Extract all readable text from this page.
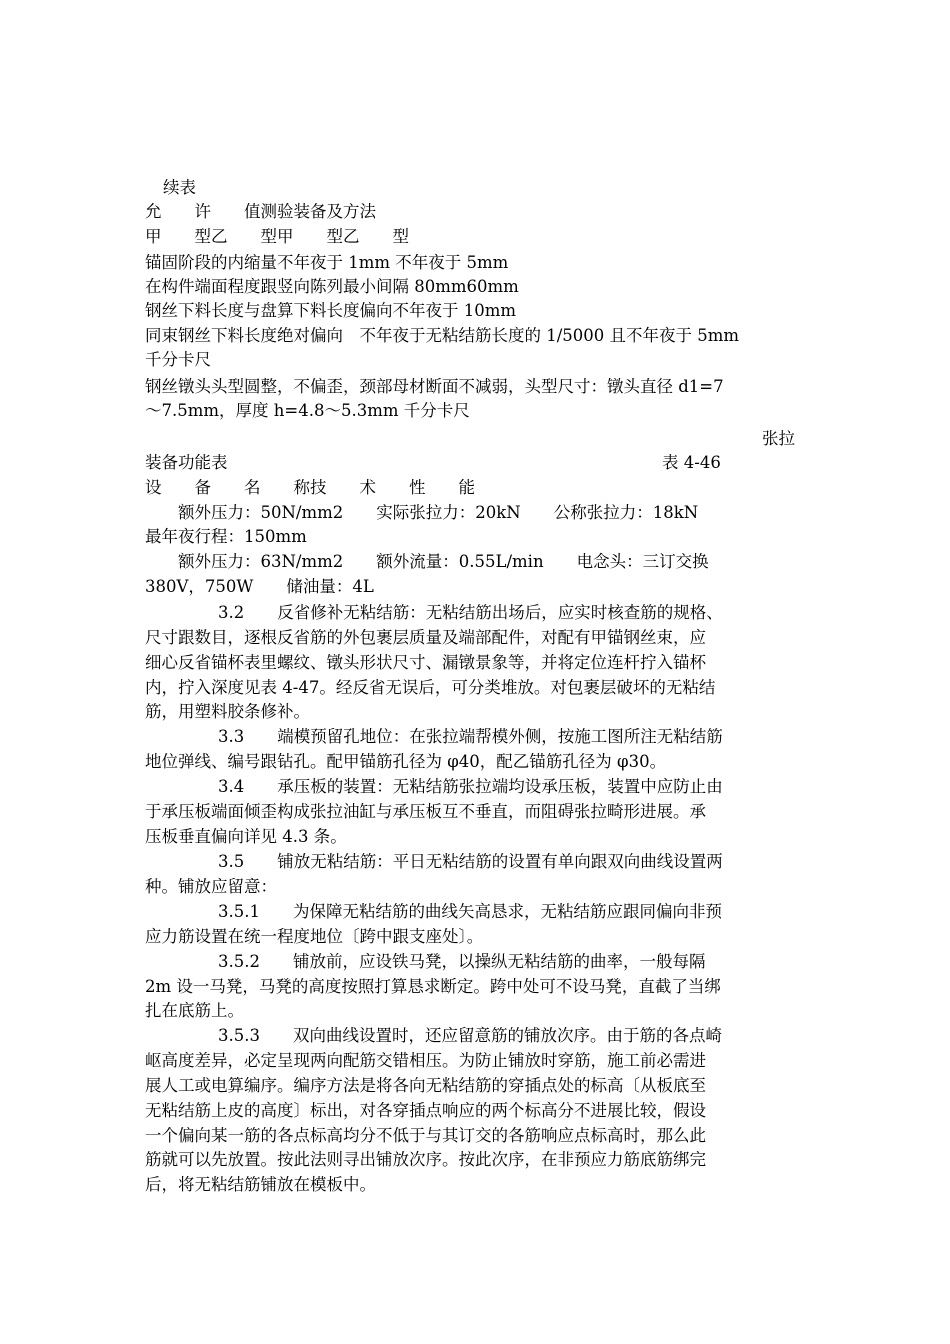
续表
允　　许　　值测验装备及方法
甲　　型乙　　型甲　　型乙　　型
锚固阶段的内缩量不年夜于 1mm 不年夜于 5mm
在构件端面程度跟竖向陈列最小间隔 80mm60mm
钢丝下料长度与盘算下料长度偏向不年夜于 10mm
同束钢丝下料长度绝对偏向　不年夜于无粘结筋长度的 1/5000 且不年夜于 5mm
千分卡尺
钢丝镦头头型圆整，不偏歪，颈部母材断面不减弱，头型尺寸：镦头直径 d1=7
～7.5mm，厚度 h=4.8～5.3mm 千分卡尺
张拉
装备功能表	表 4-46
设　　备　　名　　称技　　术　　性　　能
　　额外压力：50N/mm2　　实际张拉力：20kN　　公称张拉力：18kN
最年夜行程：150mm
　　额外压力：63N/mm2　　额外流量：0.55L/min　　电念头：三订交换
380V，750W　　储油量：4L
3.2　　反省修补无粘结筋：无粘结筋出场后，应实时核查筋的规格、
尺寸跟数目，逐根反省筋的外包裹层质量及端部配件，对配有甲锚钢丝束，应
细心反省锚杯表里螺纹、镦头形状尺寸、漏镦景象等，并将定位连杆拧入锚杯
内，拧入深度见表 4-47。经反省无误后，可分类堆放。对包裹层破坏的无粘结
筋，用塑料胶条修补。
3.3　　端模预留孔地位：在张拉端帮模外侧，按施工图所注无粘结筋
地位弹线、编号跟钻孔。配甲锚筋孔径为 φ40，配乙锚筋孔径为 φ30。
3.4　　承压板的装置：无粘结筋张拉端均设承压板，装置中应防止由
于承压板端面倾歪构成张拉油缸与承压板互不垂直，而阻碍张拉畸形进展。承
压板垂直偏向详见 4.3 条。
3.5　　铺放无粘结筋：平日无粘结筋的设置有单向跟双向曲线设置两
种。铺放应留意：
3.5.1　　为保障无粘结筋的曲线矢高恳求，无粘结筋应跟同偏向非预
应力筋设置在统一程度地位〔跨中跟支座处〕。
3.5.2　　铺放前，应设铁马凳，以操纵无粘结筋的曲率，一般每隔
2m 设一马凳，马凳的高度按照打算恳求断定。跨中处可不设马凳，直截了当绑
扎在底筋上。
3.5.3　　双向曲线设置时，还应留意筋的铺放次序。由于筋的各点崎
岖高度差异，必定呈现两向配筋交错相压。为防止铺放时穿筋，施工前必需进
展人工或电算编序。编序方法是将各向无粘结筋的穿插点处的标高〔从板底至
无粘结筋上皮的高度〕标出，对各穿插点响应的两个标高分不进展比较，假设
一个偏向某一筋的各点标高均分不低于与其订交的各筋响应点标高时，那么此
筋就可以先放置。按此法则寻出铺放次序。按此次序，在非预应力筋底筋绑完
后，将无粘结筋铺放在模板中。
